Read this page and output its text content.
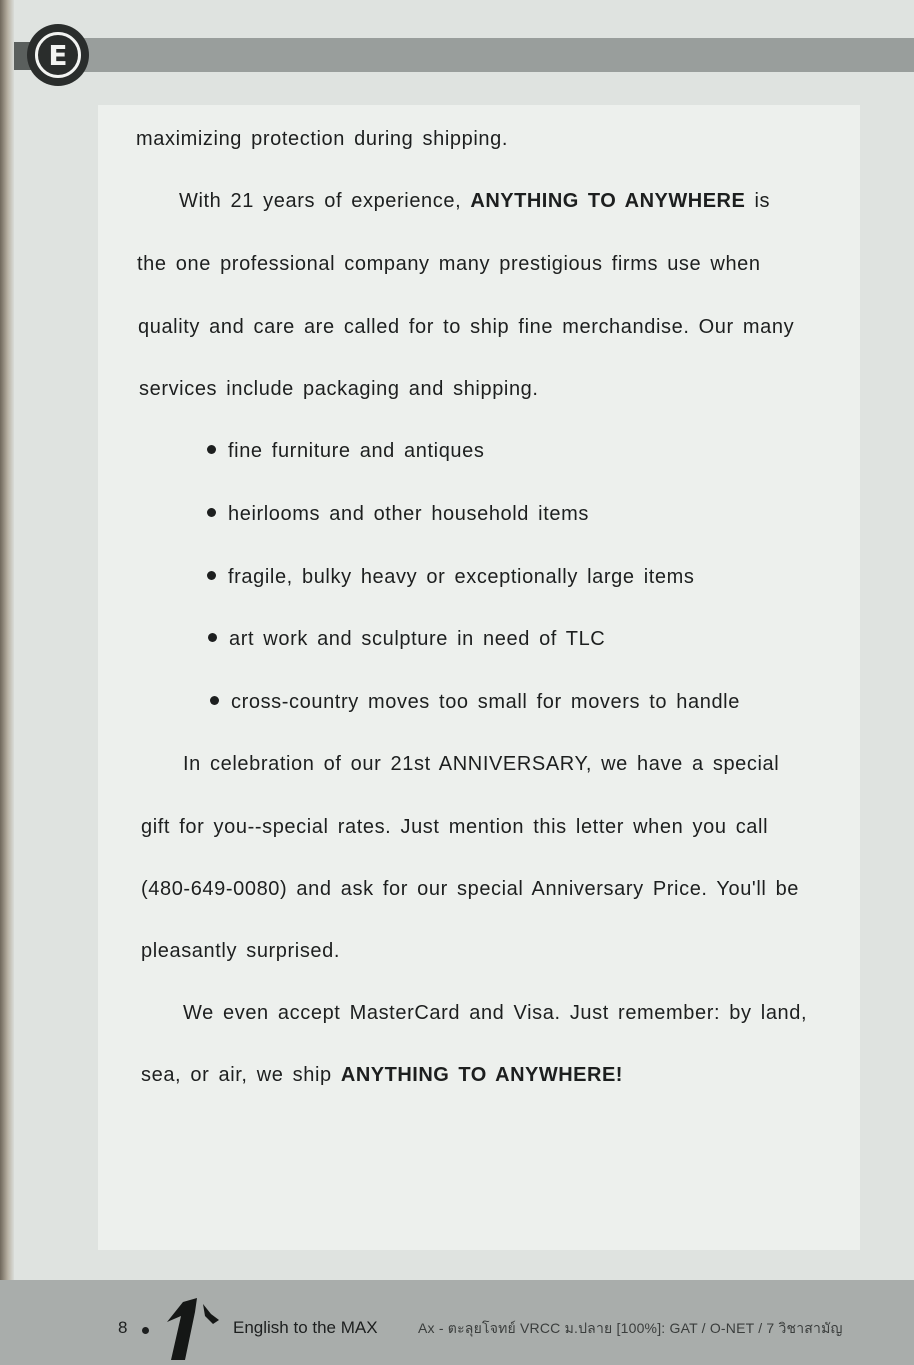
E
maximizing protection during shipping.
With 21 years of experience, ANYTHING TO ANYWHERE is
the one professional company many prestigious firms use when
quality and care are called for to ship fine merchandise. Our many
services include packaging and shipping.
fine furniture and antiques
heirlooms and other household items
fragile, bulky heavy or exceptionally large items
art work and sculpture in need of TLC
cross-country moves too small for movers to handle
In celebration of our 21st ANNIVERSARY, we have a special
gift for you--special rates. Just mention this letter when you call
(480-649-0080) and ask for our special Anniversary Price. You'll be
pleasantly surprised.
We even accept MasterCard and Visa. Just remember: by land,
sea, or air, we ship ANYTHING TO ANYWHERE!
8	English to the MAX	Ax - ตะลุยโจทย์ VRCC ม.ปลาย [100%]: GAT / O-NET / 7 วิชาสามัญ
